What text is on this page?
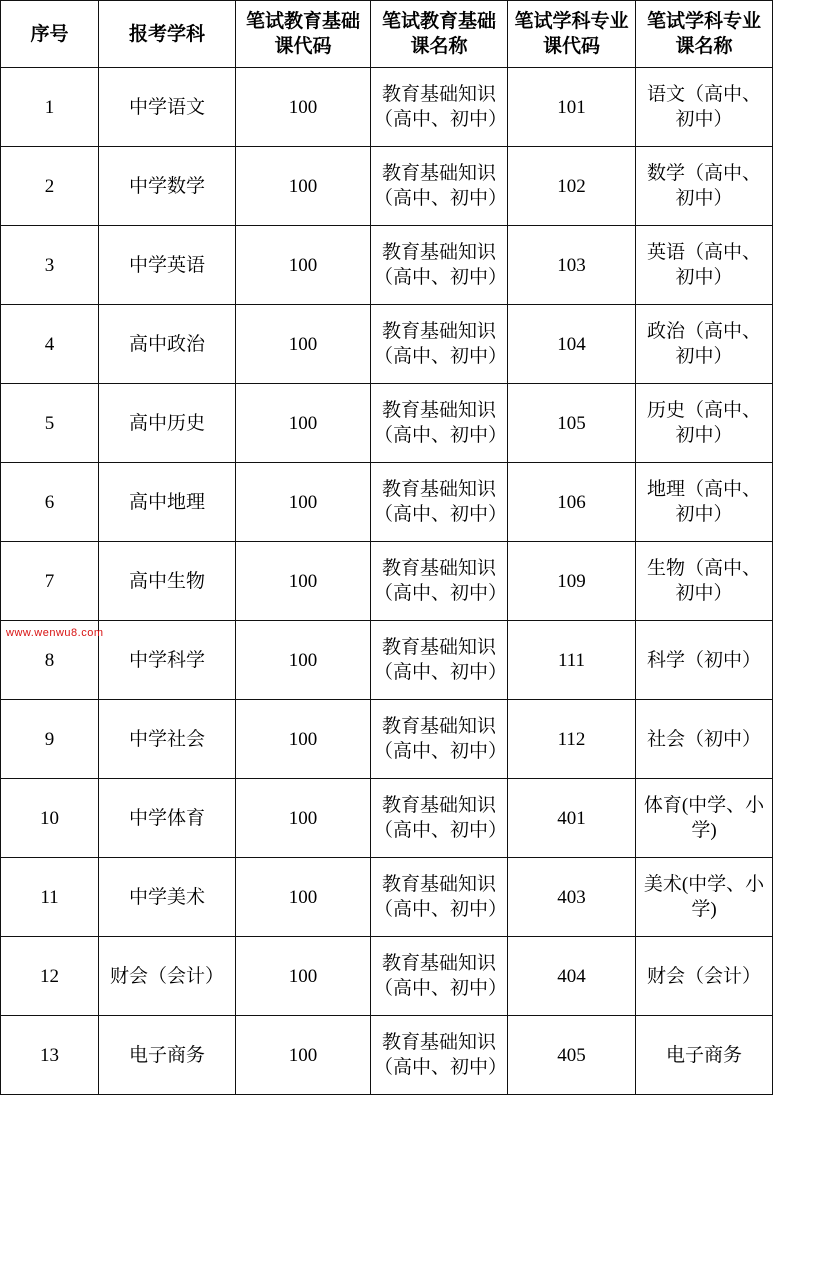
序号	报考学科	笔试教育基础课代码	笔试教育基础课名称	笔试学科专业课代码	笔试学科专业课名称
1	中学语文	100	教育基础知识（高中、初中）	101	语文（高中、初中）
2	中学数学	100	教育基础知识（高中、初中）	102	数学（高中、初中）
3	中学英语	100	教育基础知识（高中、初中）	103	英语（高中、初中）
4	高中政治	100	教育基础知识（高中、初中）	104	政治（高中、初中）
5	高中历史	100	教育基础知识（高中、初中）	105	历史（高中、初中）
6	高中地理	100	教育基础知识（高中、初中）	106	地理（高中、初中）
7	高中生物	100	教育基础知识（高中、初中）	109	生物（高中、初中）
8	中学科学	100	教育基础知识（高中、初中）	111	科学（初中）
9	中学社会	100	教育基础知识（高中、初中）	112	社会（初中）
10	中学体育	100	教育基础知识（高中、初中）	401	体育(中学、小学)
11	中学美术	100	教育基础知识（高中、初中）	403	美术(中学、小学)
12	财会（会计）	100	教育基础知识（高中、初中）	404	财会（会计）
13	电子商务	100	教育基础知识（高中、初中）	405	电子商务
www.wenwu8.com
